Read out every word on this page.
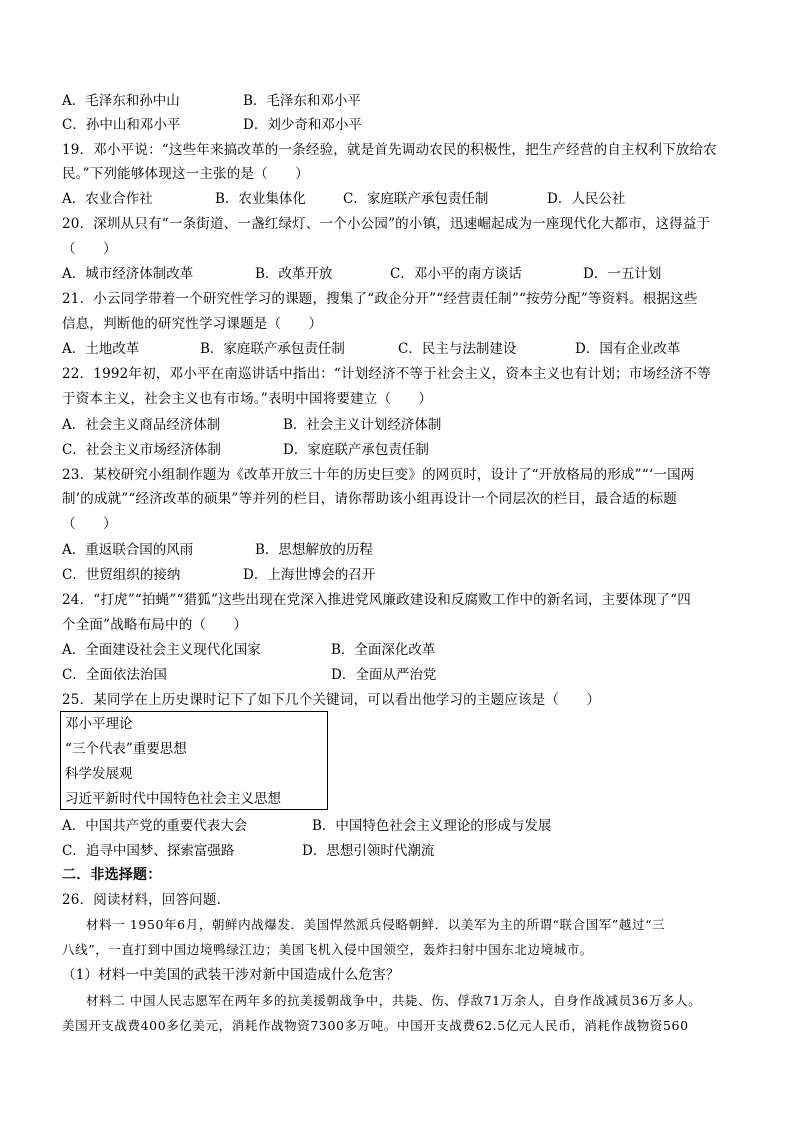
A．毛泽东和孙中山	B．毛泽东和邓小平
C．孙中山和邓小平	D．刘少奇和邓小平
19．邓小平说：“这些年来搞改革的一条经验，就是首先调动农民的积极性，把生产经营的自主权利下放给农
民。”下列能够体现这一主张的是（　　）
A．农业合作社	B．农业集体化	C．家庭联产承包责任制	D．人民公社
20．深圳从只有“一条街道、一盏红绿灯、一个小公园”的小镇，迅速崛起成为一座现代化大都市，这得益于
（　　）
A．城市经济体制改革	B．改革开放	C．邓小平的南方谈话	D．一五计划
21．小云同学带着一个研究性学习的课题，搜集了“政企分开”“经营责任制”“按劳分配”等资料。根据这些
信息，判断他的研究性学习课题是（　　）
A．土地改革	B．家庭联产承包责任制	C．民主与法制建设	D．国有企业改革
22．1992年初，邓小平在南巡讲话中指出：“计划经济不等于社会主义，资本主义也有计划；市场经济不等
于资本主义，社会主义也有市场。”表明中国将要建立（　　）
A．社会主义商品经济体制	B．社会主义计划经济体制
C．社会主义市场经济体制	D．家庭联产承包责任制
23．某校研究小组制作题为《改革开放三十年的历史巨变》的网页时，设计了“开放格局的形成”“‘一国两
制’的成就”“经济改革的硕果”等并列的栏目，请你帮助该小组再设计一个同层次的栏目，最合适的标题
（　　）
A．重返联合国的风雨	B．思想解放的历程
C．世贸组织的接纳	D．上海世博会的召开
24．“打虎”“拍蝇”“猎狐”这些出现在党深入推进党风廉政建设和反腐败工作中的新名词，主要体现了“四
个全面”战略布局中的（　　）
A．全面建设社会主义现代化国家	B．全面深化改革
C．全面依法治国	D．全面从严治党
25．某同学在上历史课时记下了如下几个关键词，可以看出他学习的主题应该是（　　）
邓小平理论
“三个代表”重要思想
科学发展观
习近平新时代中国特色社会主义思想
A．中国共产党的重要代表大会	B．中国特色社会主义理论的形成与发展
C．追寻中国梦、探索富强路	D．思想引领时代潮流
二．非选择题：
26．阅读材料，回答问题．
材料一 1950年6月，朝鲜内战爆发．美国悍然派兵侵略朝鲜．以美军为主的所谓“联合国军”越过“三
八线”，一直打到中国边境鸭绿江边；美国飞机入侵中国领空，轰炸扫射中国东北边境城市。
（1）材料一中美国的武装干涉对新中国造成什么危害？
材料二 中国人民志愿军在两年多的抗美援朝战争中，共毙、伤、俘敌71万余人，自身作战减员36万多人。
美国开支战费400多亿美元，消耗作战物资7300多万吨。中国开支战费62.5亿元人民币，消耗作战物资560
